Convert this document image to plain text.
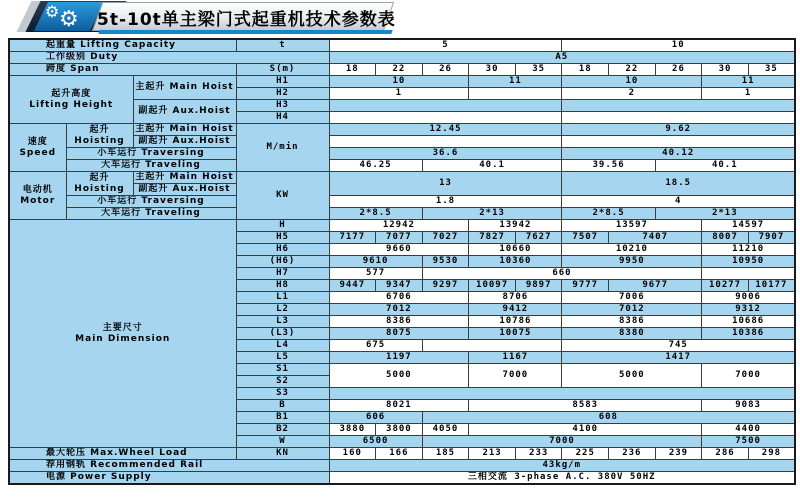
⚙ ⚙ 5t-10t单主梁门式起重机技术参数表
起重量 Lifting Capacity			t	5					10				
工作级别 Duty				A5									
跨度 Span			S(m)	18	22	26	30	35	18	22	26	30	35
起升高度
Lifting Height		主起升 Main Hoist	H1	10			11		10			11	
			H2	1					2			1	
		副起升 Aux.Hoist	H3										
			H4										
速度
Speed	起升
Hoisting	主起升 Main Hoist	M/min	12.45					9.62				
		副起升 Aux.Hoist											
	小车运行 Traversing			36.6					40.12				
	大车运行 Traveling			46.25		40.1			39.56		40.1		
电动机
Motor	起升
Hoisting	主起升 Main Hoist	KW	13					18.5				
		副起升 Aux.Hoist											
	小车运行 Traversing			1.8					4				
	大车运行 Traveling			2*8.5		2*13			2*8.5		2*13		
主要尺寸
Main Dimension			H	12942			13942		13597			14597	
			H5	7177	7077	7027	7827	7627	7507	7407		8007	7907
			H6	9660			10660		10210			11210	
			(H6)	9610		9530	10360		9950			10950	
			H7	577		660							
			H8	9447	9347	9297	10097	9897	9777	9677		10277	10177
			L1	6706			8706		7006			9006	
			L2	7012			9412		7012			9312	
			L3	8386			10786		8386			10686	
			(L3)	8075			10075		8380			10386	
			L4	675					745				
			L5	1197			1167		1417				
			S1	5000			7000		5000			7000	
			S2										
			S3										
			B	8021			8583					9083	
			B1	606		608							
			B2	3880	3800	4050	4100					4400	
			W	6500		7000						7500	
最大轮压 Max.Wheel Load			KN	160	166	185	213	233	225	236	239	286	298
荐用钢轨 Recommended Rail				43kg/m									
电源 Power Supply				三相交流 3-phase A.C. 380V 50HZ									
